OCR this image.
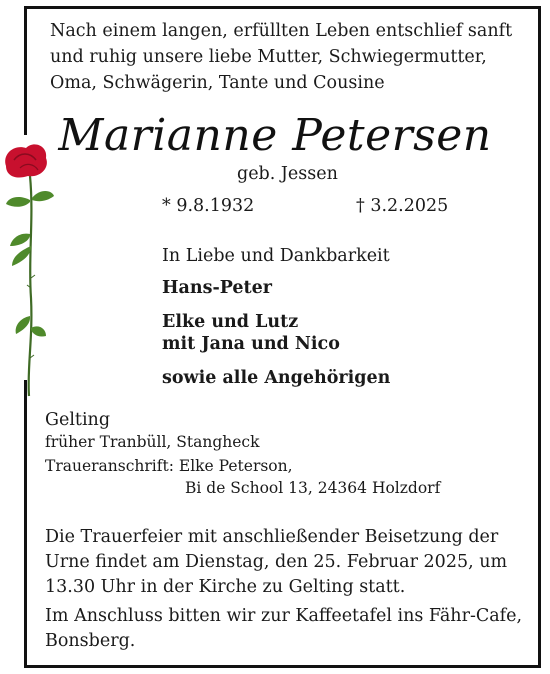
Nach einem langen, erfüllten Leben entschlief sanft
und ruhig unsere liebe Mutter, Schwiegermutter,
Oma, Schwägerin, Tante und Cousine
Marianne Petersen
geb. Jessen
* 9.8.1932	† 3.2.2025
In Liebe und Dankbarkeit
Hans-Peter
Elke und Lutz
mit Jana und Nico
sowie alle Angehörigen
Gelting
früher Tranbüll, Stangheck
Traueranschrift: Elke Peterson,
Bi de School 13, 24364 Holzdorf

Die Trauerfeier mit anschließender Beisetzung der Urne findet am Dienstag, den 25. Februar 2025, um 13.30 Uhr in der Kirche zu Gelting statt.

Im Anschluss bitten wir zur Kaffeetafel ins Fähr-Cafe, Bonsberg.
